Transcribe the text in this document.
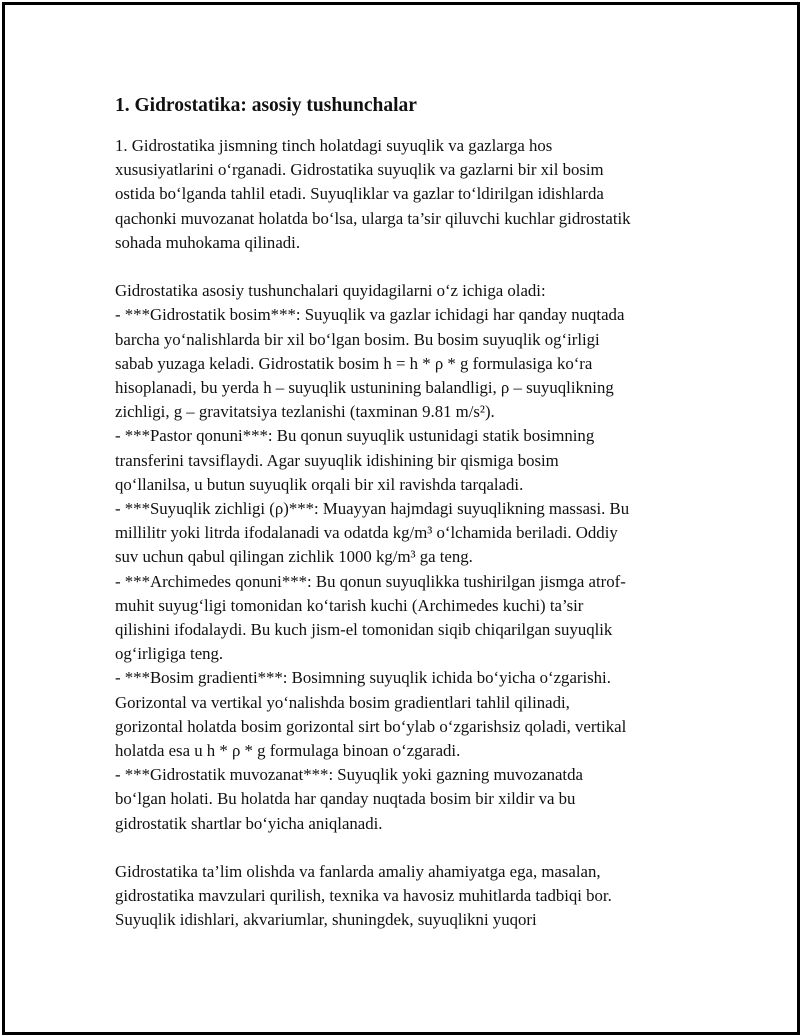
1. Gidrostatika: asosiy tushunchalar

1. Gidrostatika jismning tinch holatdagi suyuqlik va gazlarga hos
xususiyatlarini o‘rganadi. Gidrostatika suyuqlik va gazlarni bir xil bosim
ostida bo‘lganda tahlil etadi. Suyuqliklar va gazlar to‘ldirilgan idishlarda
qachonki muvozanat holatda bo‘lsa, ularga ta’sir qiluvchi kuchlar gidrostatik
sohada muhokama qilinadi.

Gidrostatika asosiy tushunchalari quyidagilarni o‘z ichiga oladi:

- ***Gidrostatik bosim***: Suyuqlik va gazlar ichidagi har qanday nuqtada
barcha yo‘nalishlarda bir xil bo‘lgan bosim. Bu bosim suyuqlik og‘irligi
sabab yuzaga keladi. Gidrostatik bosim h = h * ρ * g formulasiga ko‘ra
hisoplanadi, bu yerda h – suyuqlik ustunining balandligi, ρ – suyuqlikning
zichligi, g – gravitatsiya tezlanishi (taxminan 9.81 m/s²).

- ***Pastor qonuni***: Bu qonun suyuqlik ustunidagi statik bosimning
transferini tavsiflaydi. Agar suyuqlik idishining bir qismiga bosim
qo‘llanilsa, u butun suyuqlik orqali bir xil ravishda tarqaladi.

- ***Suyuqlik zichligi (ρ)***: Muayyan hajmdagi suyuqlikning massasi. Bu
millilitr yoki litrda ifodalanadi va odatda kg/m³ o‘lchamida beriladi. Oddiy
suv uchun qabul qilingan zichlik 1000 kg/m³ ga teng.

- ***Archimedes qonuni***: Bu qonun suyuqlikka tushirilgan jismga atrof-
muhit suyug‘ligi tomonidan ko‘tarish kuchi (Archimedes kuchi) ta’sir
qilishini ifodalaydi. Bu kuch jism-el tomonidan siqib chiqarilgan suyuqlik
og‘irligiga teng.

- ***Bosim gradienti***: Bosimning suyuqlik ichida bo‘yicha o‘zgarishi.
Gorizontal va vertikal yo‘nalishda bosim gradientlari tahlil qilinadi,
gorizontal holatda bosim gorizontal sirt bo‘ylab o‘zgarishsiz qoladi, vertikal
holatda esa u h * ρ * g formulaga binoan o‘zgaradi.

- ***Gidrostatik muvozanat***: Suyuqlik yoki gazning muvozanatda
bo‘lgan holati. Bu holatda har qanday nuqtada bosim bir xildir va bu
gidrostatik shartlar bo‘yicha aniqlanadi.

Gidrostatika ta’lim olishda va fanlarda amaliy ahamiyatga ega, masalan,
gidrostatika mavzulari qurilish, texnika va havosiz muhitlarda tadbiqi bor.
Suyuqlik idishlari, akvariumlar, shuningdek, suyuqlikni yuqori
